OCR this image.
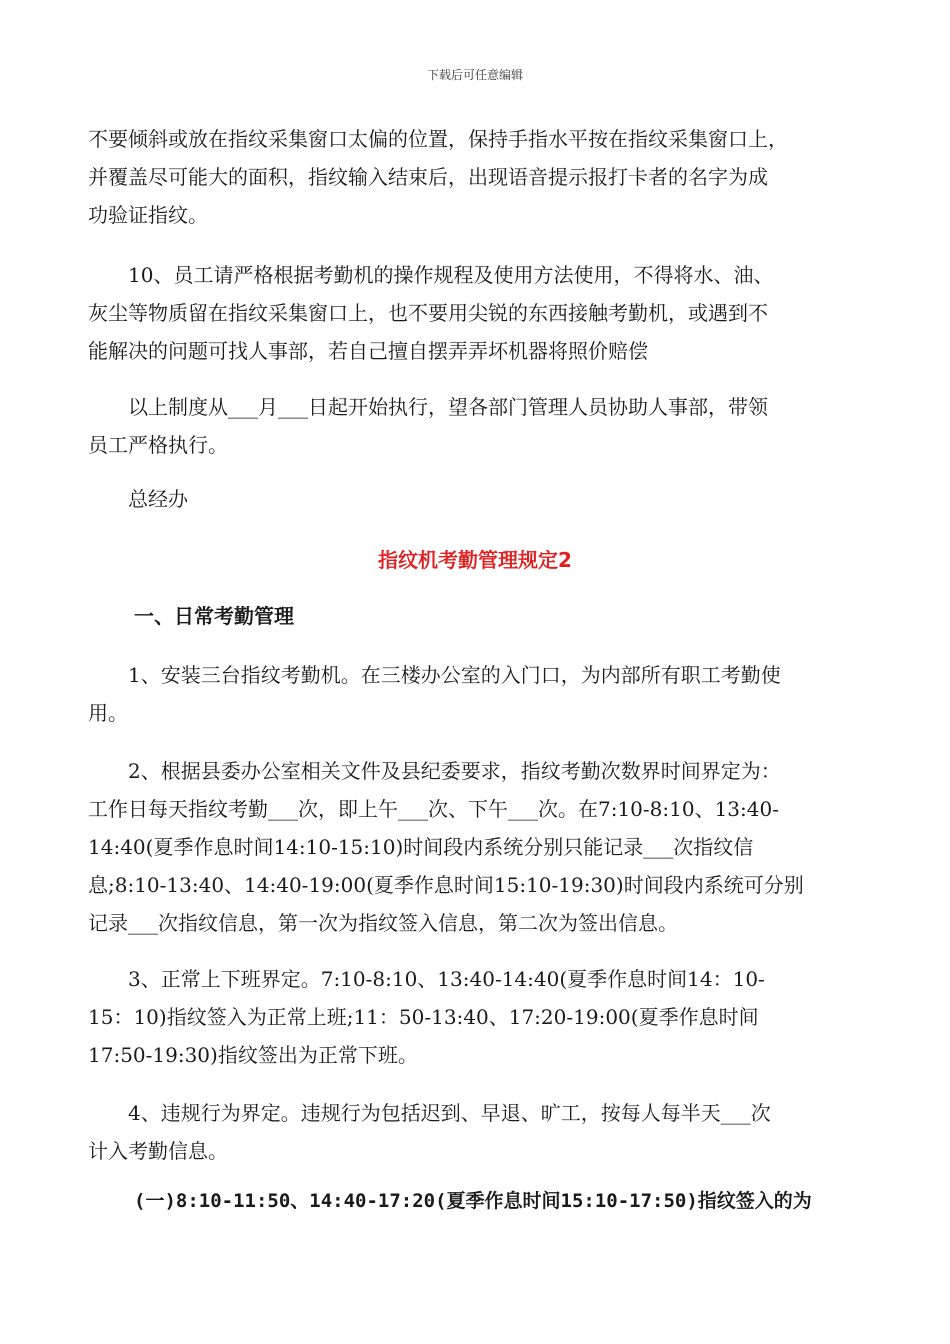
下载后可任意编辑

不要倾斜或放在指纹采集窗口太偏的位置，保持手指水平按在指纹采集窗口上，
并覆盖尽可能大的面积，指纹输入结束后，出现语音提示报打卡者的名字为成
功验证指纹。

　　10、员工请严格根据考勤机的操作规程及使用方法使用，不得将水、油、
灰尘等物质留在指纹采集窗口上，也不要用尖锐的东西接触考勤机，或遇到不
能解决的问题可找人事部，若自己擅自摆弄弄坏机器将照价赔偿

　　以上制度从___月___日起开始执行，望各部门管理人员协助人事部，带领
员工严格执行。

　　总经办

指纹机考勤管理规定2
一、日常考勤管理

　　1、安装三台指纹考勤机。在三楼办公室的入门口，为内部所有职工考勤使
用。

　　2、根据县委办公室相关文件及县纪委要求，指纹考勤次数界时间界定为：
工作日每天指纹考勤___次，即上午___次、下午___次。在7:10-8:10、13:40-
14:40(夏季作息时间14:10-15:10)时间段内系统分别只能记录___次指纹信
息;8:10-13:40、14:40-19:00(夏季作息时间15:10-19:30)时间段内系统可分别
记录___次指纹信息，第一次为指纹签入信息，第二次为签出信息。

　　3、正常上下班界定。7:10-8:10、13:40-14:40(夏季作息时间14：10-
15：10)指纹签入为正常上班;11：50-13:40、17:20-19:00(夏季作息时间
17:50-19:30)指纹签出为正常下班。

　　4、违规行为界定。违规行为包括迟到、早退、旷工，按每人每半天___次
计入考勤信息。

(一)8:10-11:50、14:40-17:20(夏季作息时间15:10-17:50)指纹签入的为
